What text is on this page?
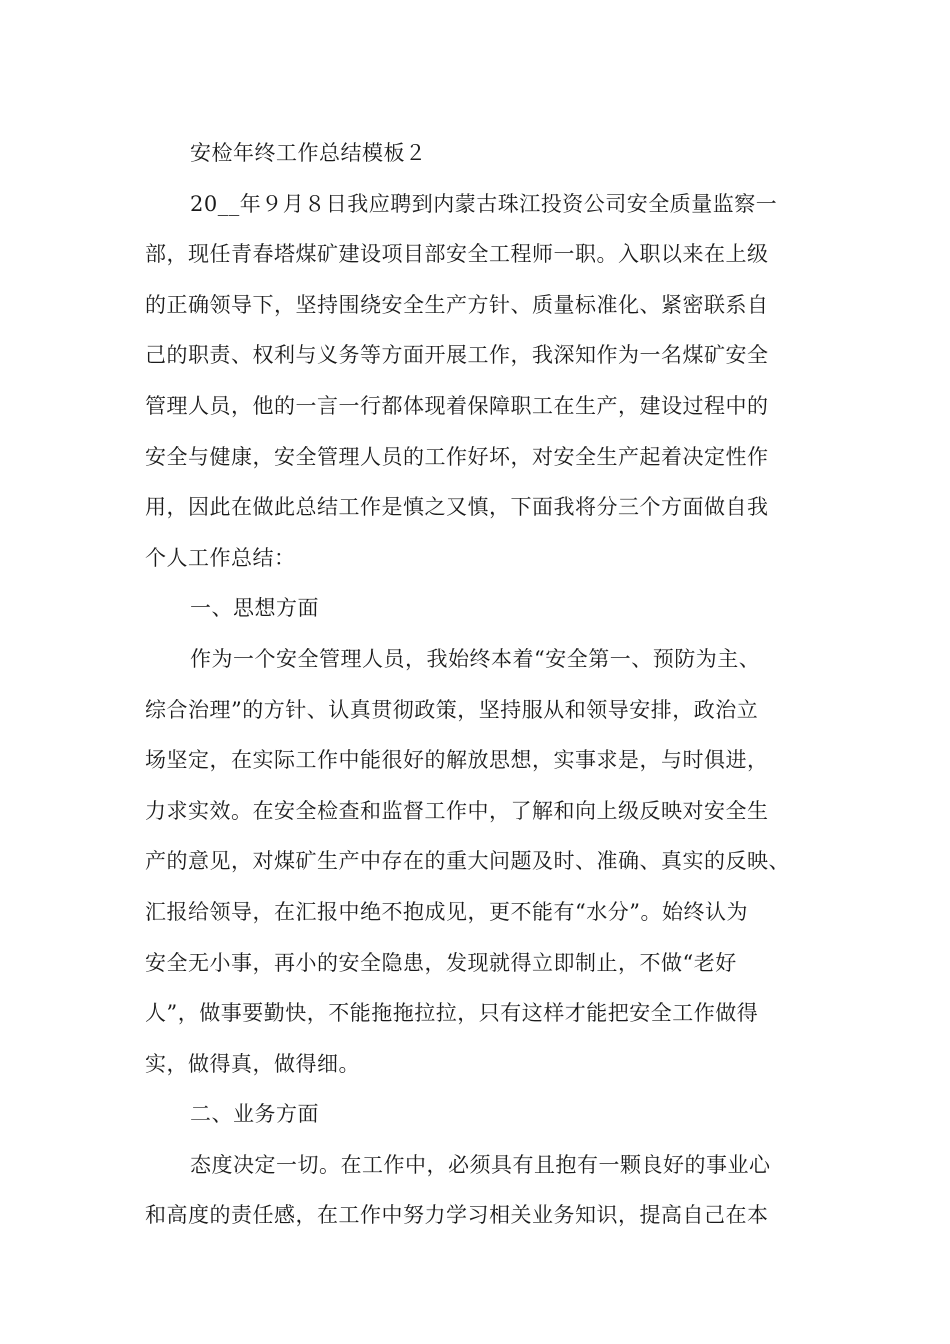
安检年终工作总结模板２
20__年９月８日我应聘到内蒙古珠江投资公司安全质量监察一
部，现任青春塔煤矿建设项目部安全工程师一职。入职以来在上级
的正确领导下，坚持围绕安全生产方针、质量标准化、紧密联系自
己的职责、权利与义务等方面开展工作，我深知作为一名煤矿安全
管理人员，他的一言一行都体现着保障职工在生产，建设过程中的
安全与健康，安全管理人员的工作好坏，对安全生产起着决定性作
用，因此在做此总结工作是慎之又慎，下面我将分三个方面做自我
个人工作总结：
一、思想方面
作为一个安全管理人员，我始终本着“安全第一、预防为主、
综合治理”的方针、认真贯彻政策，坚持服从和领导安排，政治立
场坚定，在实际工作中能很好的解放思想，实事求是，与时俱进，
力求实效。在安全检查和监督工作中，了解和向上级反映对安全生
产的意见，对煤矿生产中存在的重大问题及时、准确、真实的反映、
汇报给领导，在汇报中绝不抱成见，更不能有“水分”。始终认为
安全无小事，再小的安全隐患，发现就得立即制止，不做“老好
人”，做事要勤快，不能拖拖拉拉，只有这样才能把安全工作做得
实，做得真，做得细。
二、业务方面
态度决定一切。在工作中，必须具有且抱有一颗良好的事业心
和高度的责任感，在工作中努力学习相关业务知识，提高自己在本
